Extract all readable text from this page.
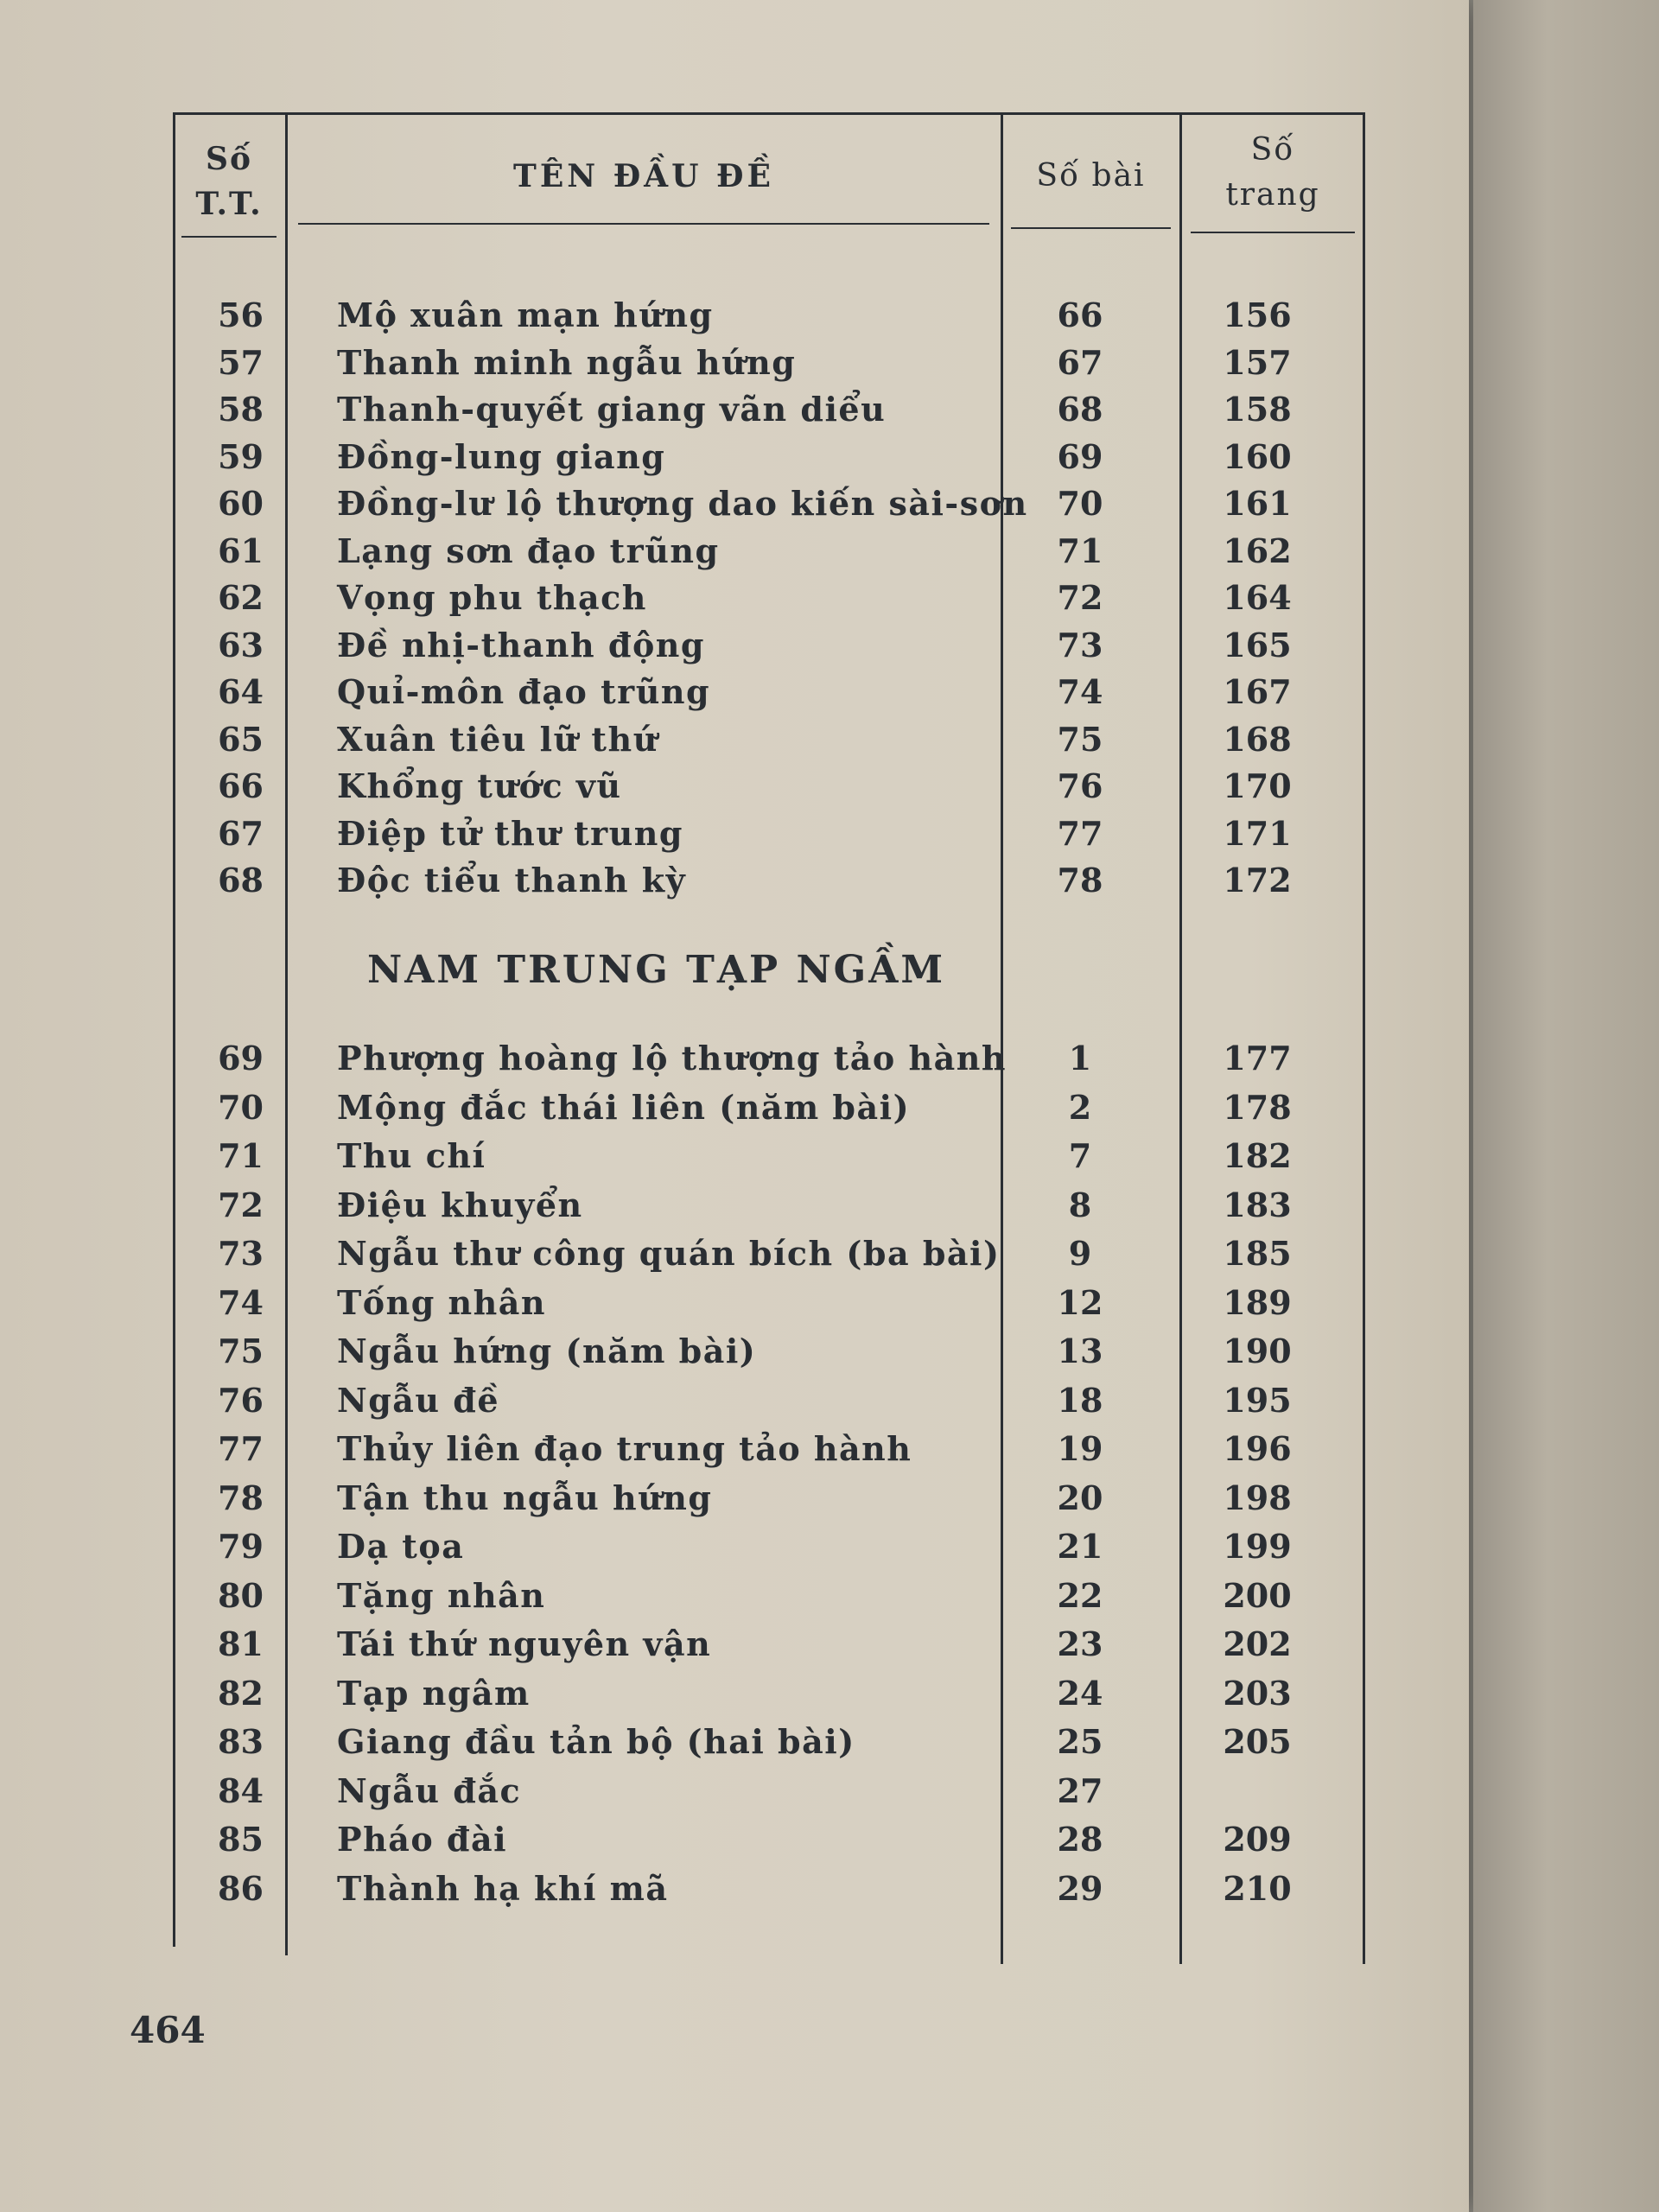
Số
T.T.
TÊN ĐẦU ĐỀ	Số bài
Số
trang
56 Mộ xuân mạn hứng	66	156
57 Thanh minh ngẫu hứng	67	157
58 Thanh-quyết giang vãn diểu	68	158
59 Đồng-lung giang	69	160
60 Đồng-lư lộ thượng dao kiến sài-sơn 70	161
61 Lạng sơn đạo trũng	71	162
62 Vọng phu thạch	72	164
63 Đề nhị-thanh động	73	165
64 Quỉ-môn đạo trũng	74	167
65 Xuân tiêu lữ thứ	75	168
66 Khổng tước vũ	76	170
67 Điệp tử thư trung	77	171
68 Độc tiểu thanh kỳ	78	172
NAM TRUNG TẠP NGẦM
69 Phượng hoàng lộ thượng tảo hành	1	177
70 Mộng đắc thái liên (năm bài)	2	178
71 Thu chí	7	182
72 Điệu khuyển	8	183
73 Ngẫu thư công quán bích (ba bài)	9	185
74 Tống nhân	12	189
75 Ngẫu hứng (năm bài)	13	190
76 Ngẫu đề	18	195
77 Thủy liên đạo trung tảo hành	19	196
78 Tận thu ngẫu hứng	20	198
79 Dạ tọa	21	199
80 Tặng nhân	22	200
81 Tái thứ nguyên vận	23	202
82 Tạp ngâm	24	203
83 Giang đầu tản bộ (hai bài)	25	205
84 Ngẫu đắc	27
85 Pháo đài	28	209
86 Thành hạ khí mã	29	210
464
